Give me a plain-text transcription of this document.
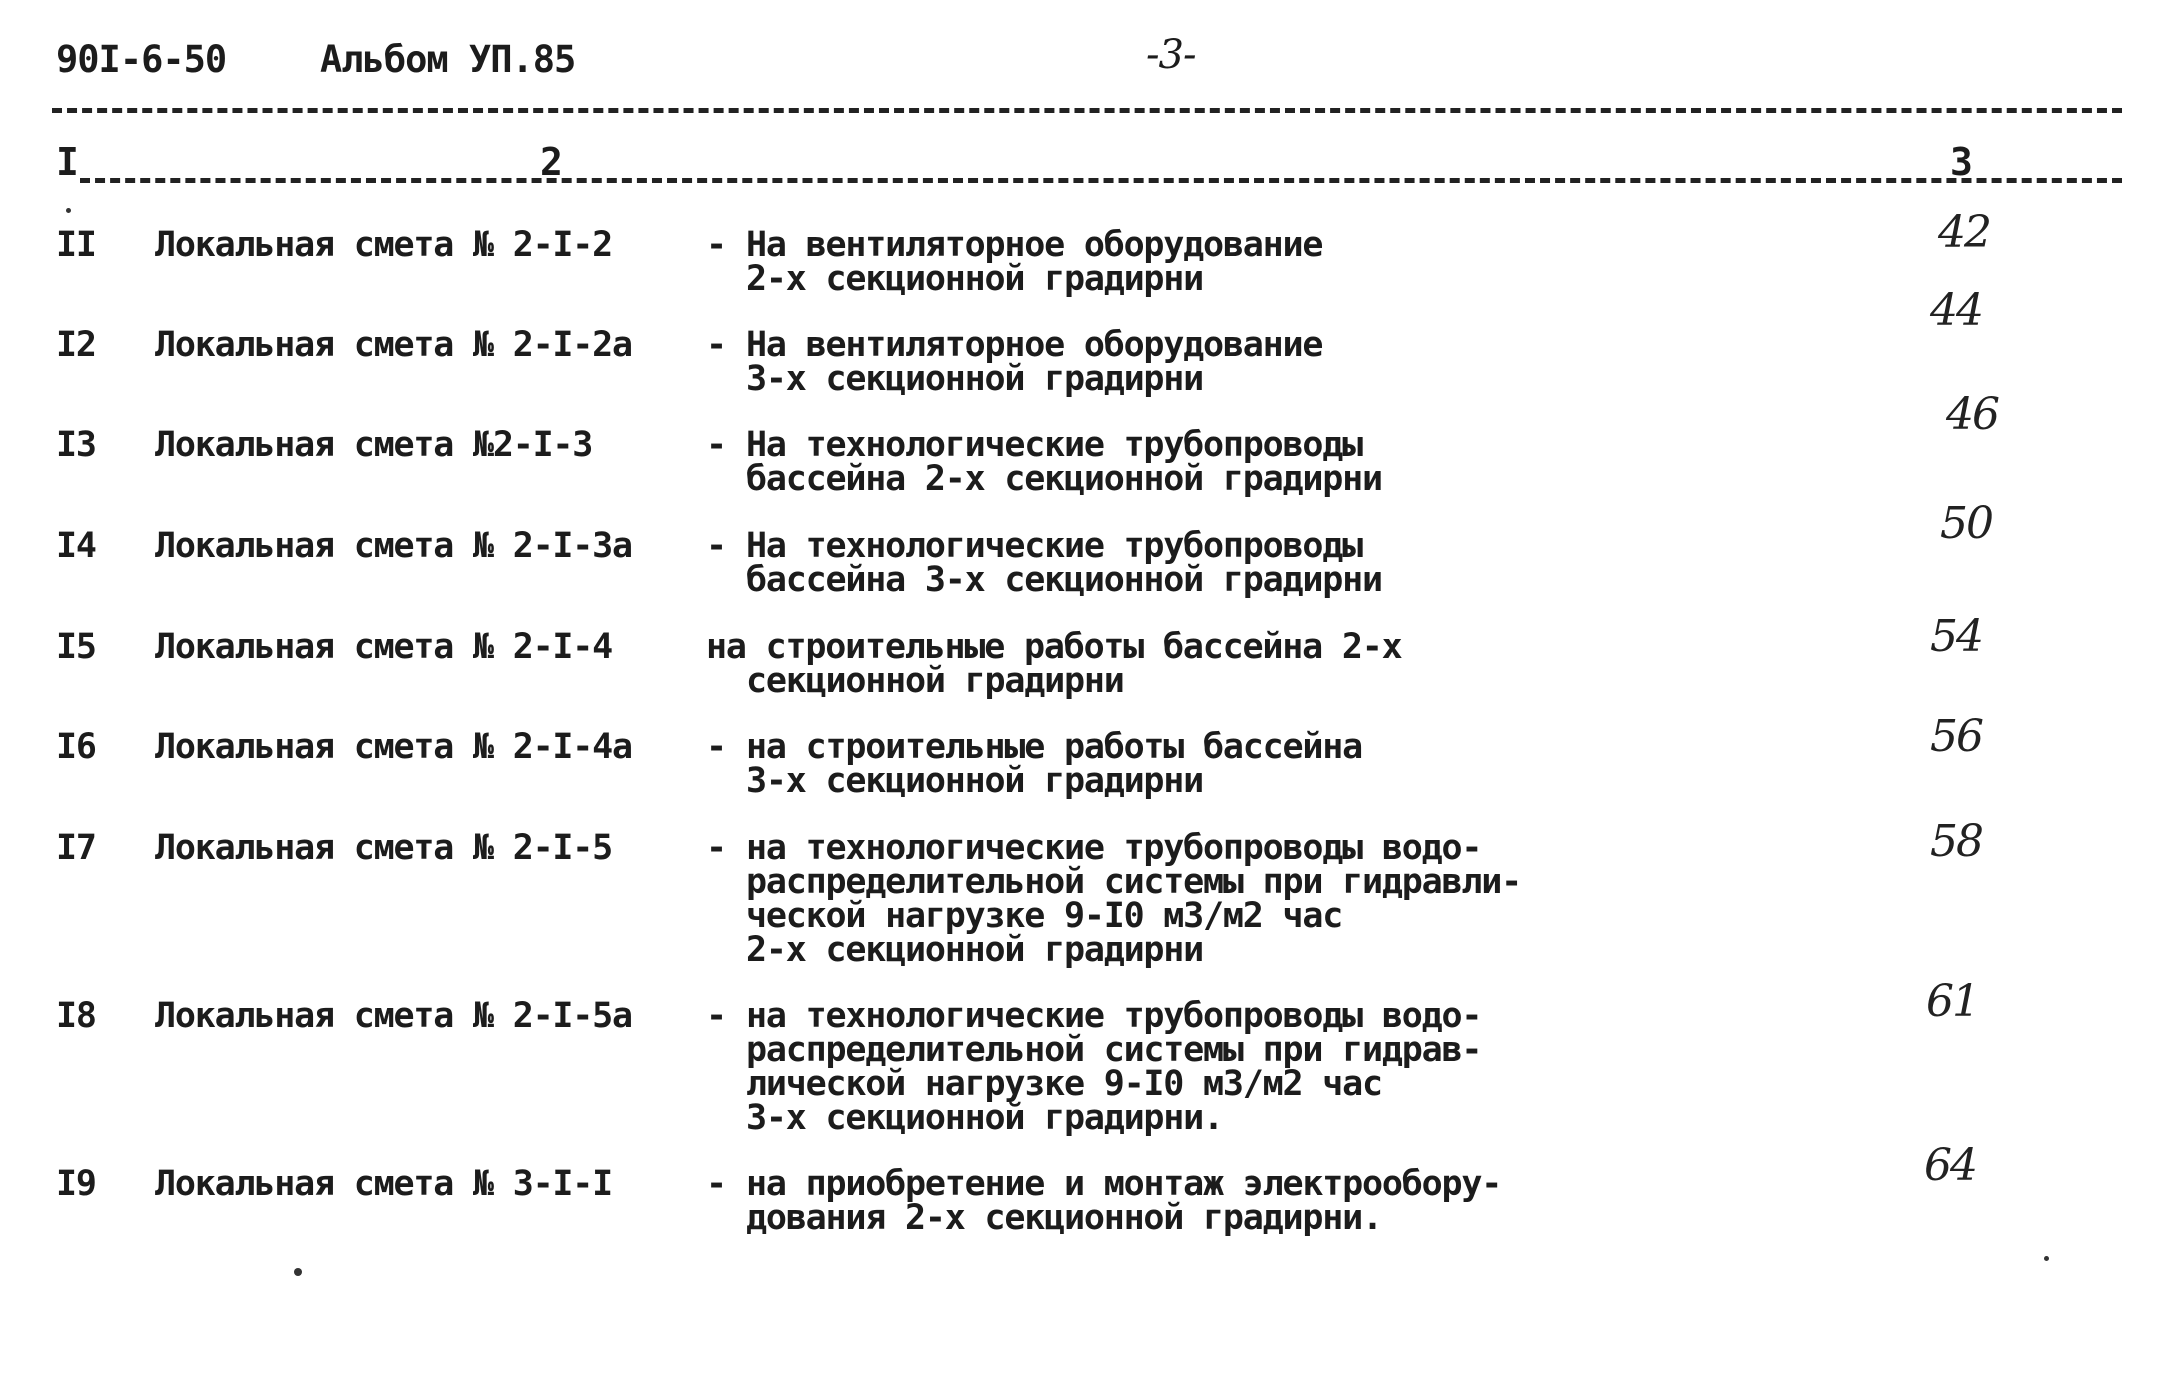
90I-6-50	Альбом УП.85	-3-
I	2	3
II Локальная смета № 2-I-2	- На вентиляторное оборудование
2-х секционной градирни
42
I2 Локальная смета № 2-I-2а - На вентиляторное оборудование
3-х секционной градирни
44
I3 Локальная смета №2-I-3	- На технологические трубопроводы
бассейна 2-х секционной градирни
46
I4 Локальная смета № 2-I-3а - На технологические трубопроводы
бассейна 3-х секционной градирни
50
I5 Локальная смета № 2-I-4	на строительные работы бассейна 2-х
секционной градирни
54
I6 Локальная смета № 2-I-4а - на строительные работы бассейна
3-х секционной градирни
56
I7 Локальная смета № 2-I-5	- на технологические трубопроводы водо-
распределительной системы при гидравли-
ческой нагрузке 9-I0 м3/м2 час
2-х секционной градирни
58
I8 Локальная смета № 2-I-5а - на технологические трубопроводы водо-
распределительной системы при гидрав-
лической нагрузке 9-I0 м3/м2 час
3-х секционной градирни.
61
I9 Локальная смета № 3-I-I	- на приобретение и монтаж электрообору-
дования 2-х секционной градирни.
64
